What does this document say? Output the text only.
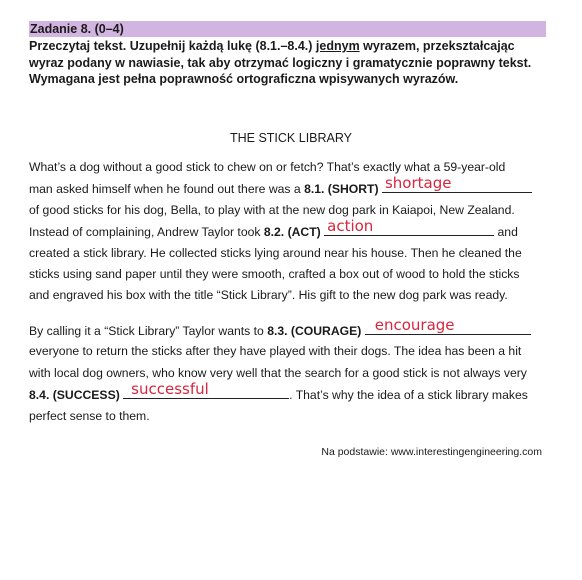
Zadanie 8. (0–4)
Przeczytaj tekst. Uzupełnij każdą lukę (8.1.–8.4.) jednym wyrazem, przekształcając
wyraz podany w nawiasie, tak aby otrzymać logiczny i gramatycznie poprawny tekst.
Wymagana jest pełna poprawność ortograficzna wpisywanych wyrazów.
THE STICK LIBRARY
What’s a dog without a good stick to chew on or fetch? That’s exactly what a 59-year-old
man asked himself when he found out there was a 8.1. (SHORT) shortage
of good sticks for his dog, Bella, to play with at the new dog park in Kaiapoi, New Zealand.
Instead of complaining, Andrew Taylor took 8.2. (ACT) action	and
created a stick library. He collected sticks lying around near his house. Then he cleaned the
sticks using sand paper until they were smooth, crafted a box out of wood to hold the sticks
and engraved his box with the title “Stick Library”. His gift to the new dog park was ready.
By calling it a “Stick Library” Taylor wants to 8.3. (COURAGE) encourage
everyone to return the sticks after they have played with their dogs. The idea has been a hit
with local dog owners, who know very well that the search for a good stick is not always very
8.4. (SUCCESS) successful	. That’s why the idea of a stick library makes
perfect sense to them.
Na podstawie: www.interestingengineering.com
